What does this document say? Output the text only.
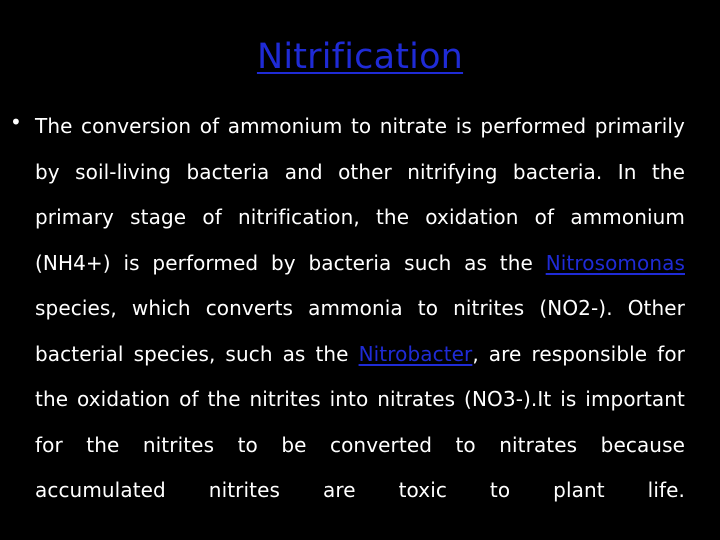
Nitrification
• The conversion of ammonium to nitrate is performed primarily by soil-living bacteria and other nitrifying bacteria. In the primary stage of nitrification, the oxidation of ammonium (NH4+) is performed by bacteria such as the Nitrosomonas species, which converts ammonia to nitrites (NO2-). Other bacterial species, such as the Nitrobacter, are responsible for the oxidation of the nitrites into nitrates (NO3-).It is important for the nitrites to be converted to nitrates because accumulated nitrites are toxic to plant life.
